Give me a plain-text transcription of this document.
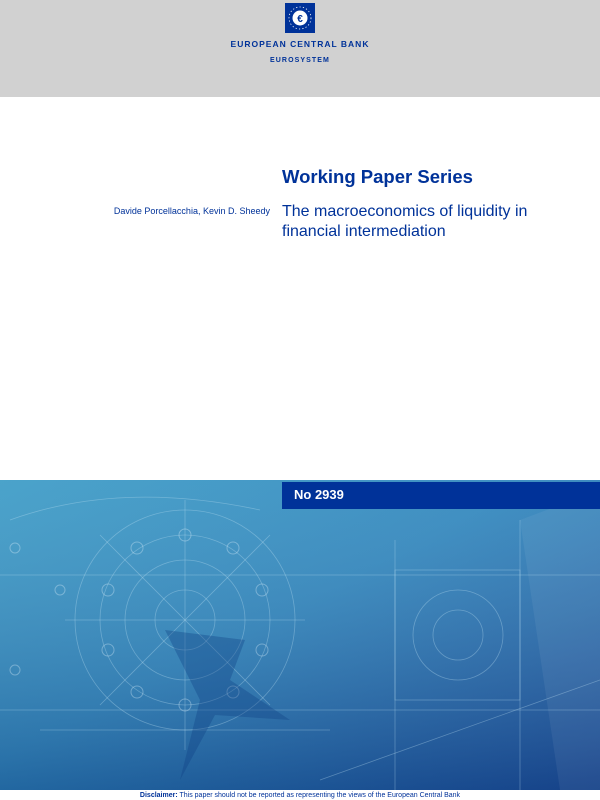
€
EUROPEAN CENTRAL BANK
EUROSYSTEM
Working Paper Series
Davide Porcellacchia, Kevin D. Sheedy The macroeconomics of liquidity in financial intermediation
No 2939
Disclaimer: This paper should not be reported as representing the views of the European Central Bank
